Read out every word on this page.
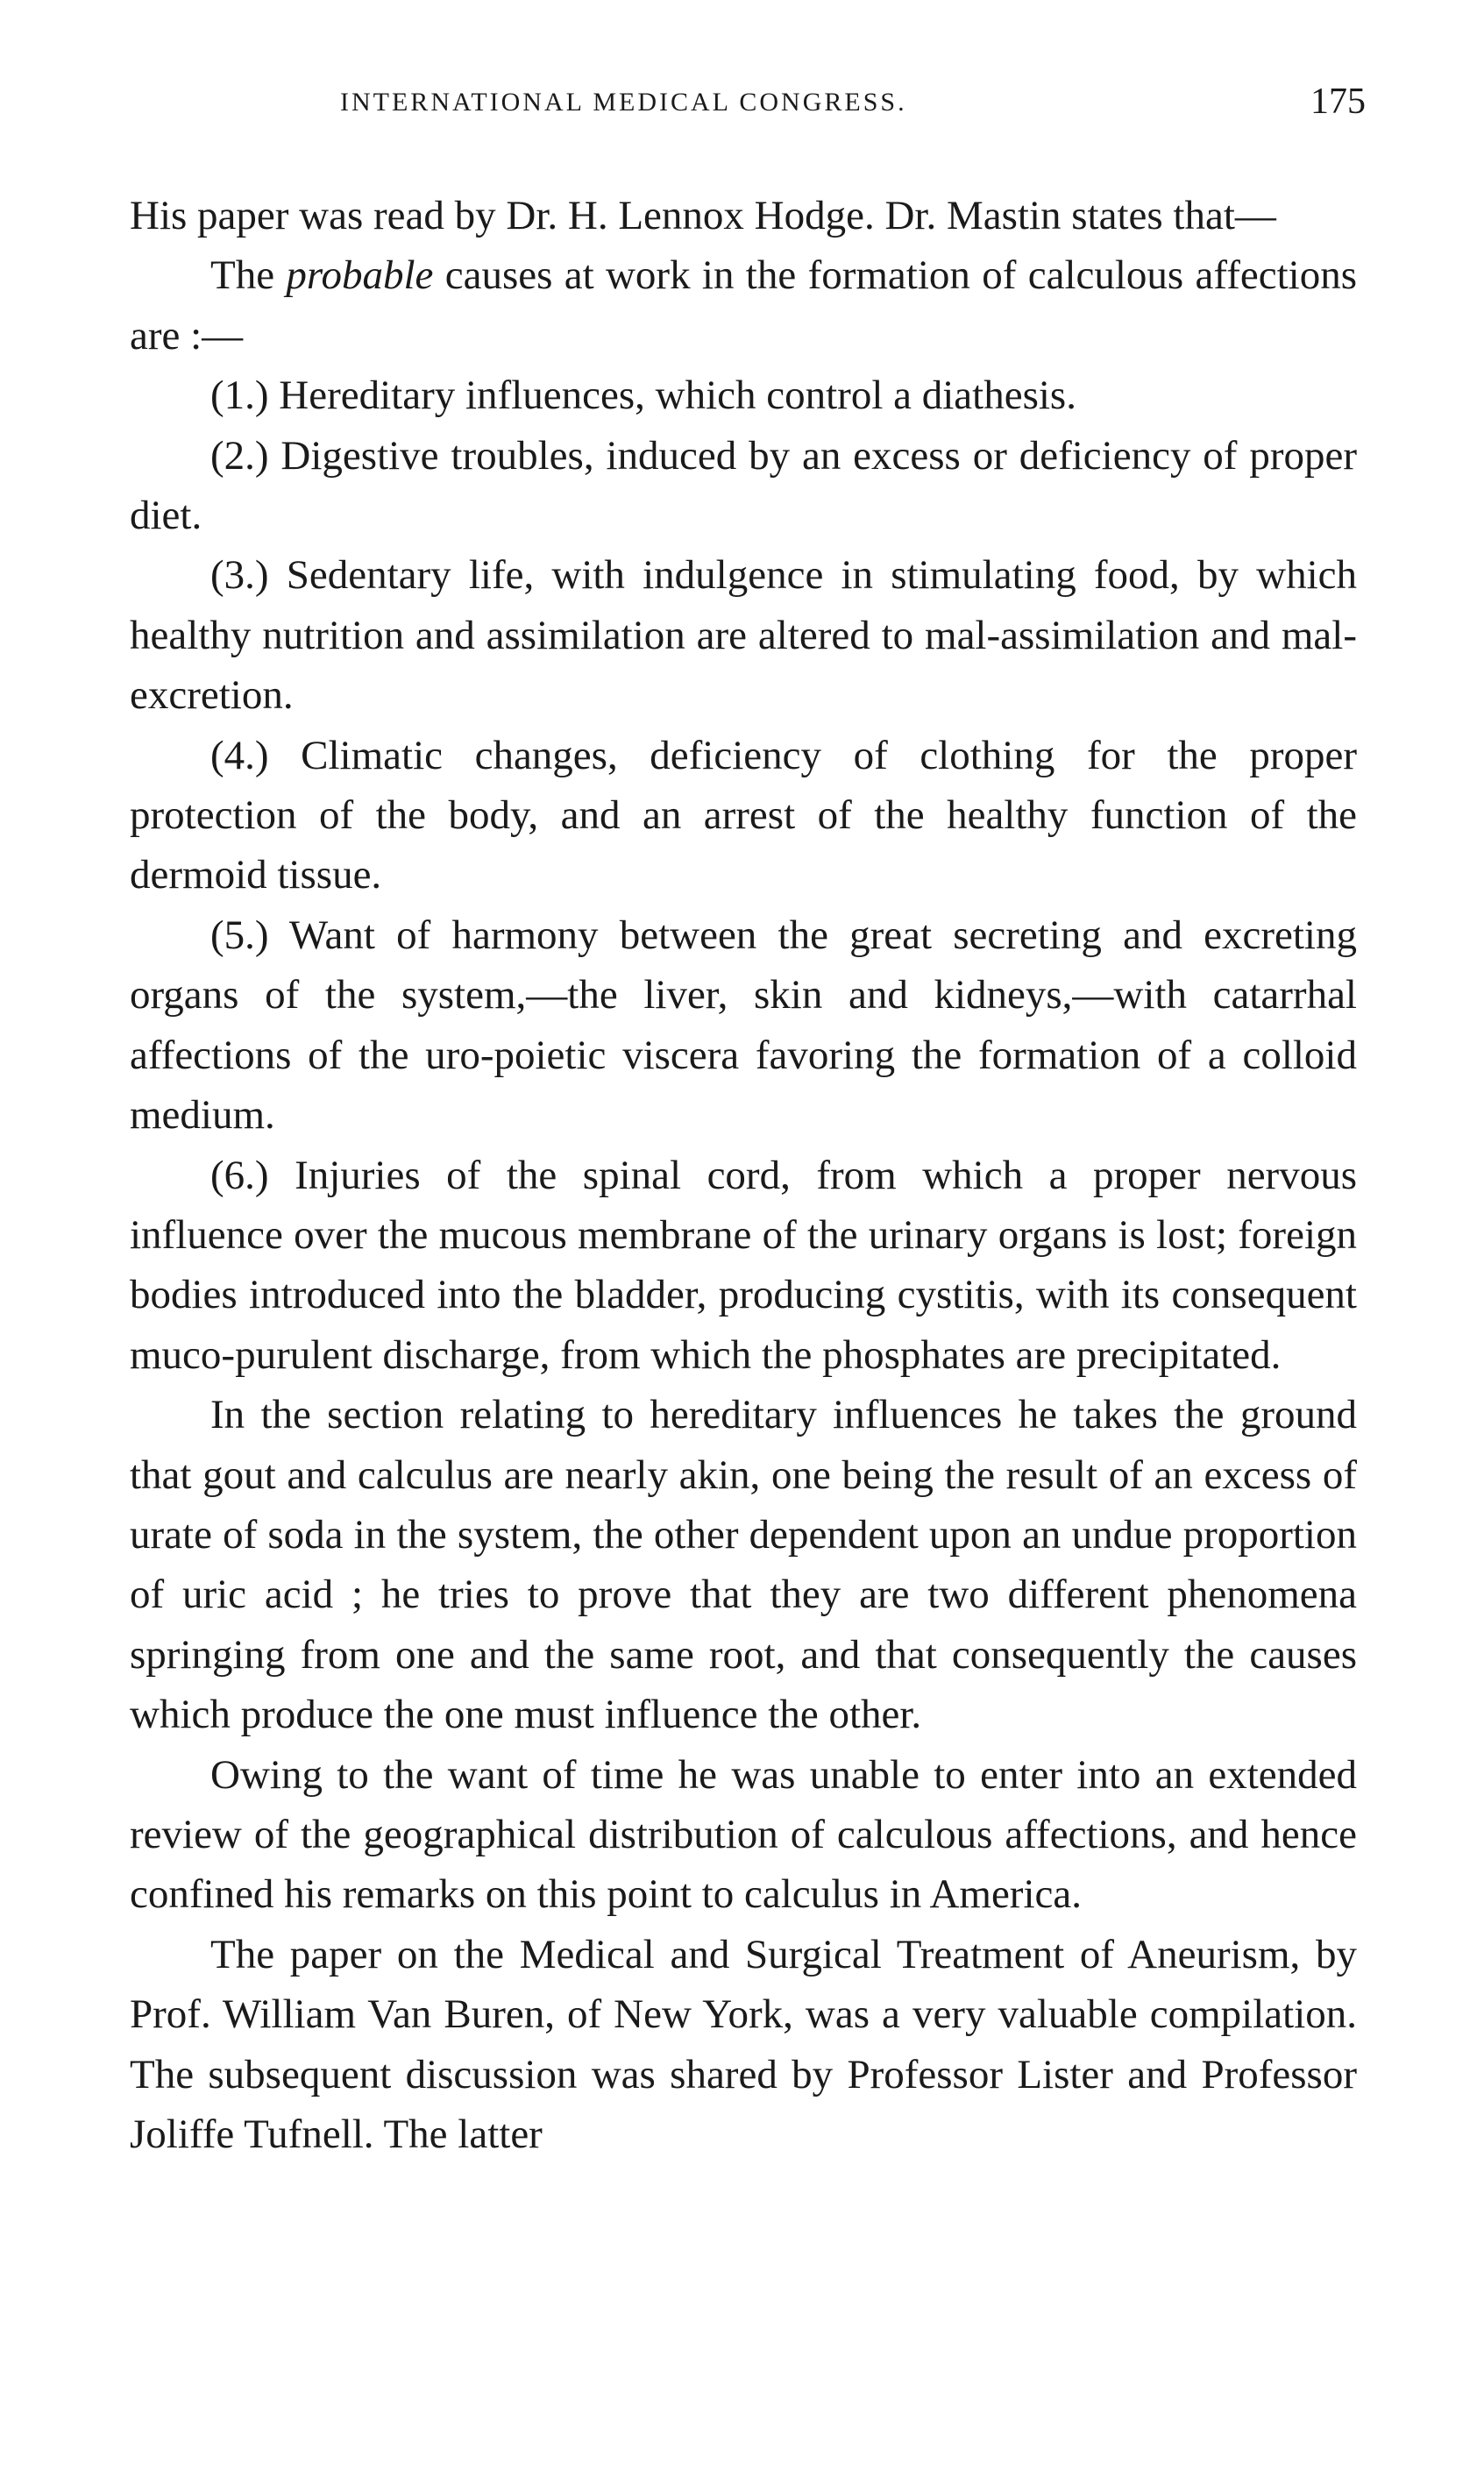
INTERNATIONAL MEDICAL CONGRESS.	175

His paper was read by Dr. H. Lennox Hodge. Dr. Mastin states that—

The probable causes at work in the formation of calculous affections are :—

(1.) Hereditary influences, which control a diathesis.

(2.) Digestive troubles, induced by an excess or deficiency of proper diet.

(3.) Sedentary life, with indulgence in stimulating food, by which healthy nutrition and assimilation are altered to mal-assimilation and mal-excretion.

(4.) Climatic changes, deficiency of clothing for the proper protection of the body, and an arrest of the healthy function of the dermoid tissue.

(5.) Want of harmony between the great secreting and excreting organs of the system,—the liver, skin and kidneys,—with catarrhal affections of the uro-poietic viscera favoring the formation of a colloid medium.

(6.) Injuries of the spinal cord, from which a proper nervous influence over the mucous membrane of the urinary organs is lost; foreign bodies introduced into the bladder, producing cystitis, with its consequent muco-purulent discharge, from which the phosphates are precipitated.

In the section relating to hereditary influences he takes the ground that gout and calculus are nearly akin, one being the result of an excess of urate of soda in the system, the other dependent upon an undue proportion of uric acid ; he tries to prove that they are two different phenomena springing from one and the same root, and that consequently the causes which produce the one must influence the other.

Owing to the want of time he was unable to enter into an extended review of the geographical distribution of calculous affections, and hence confined his remarks on this point to calculus in America.

The paper on the Medical and Surgical Treatment of Aneurism, by Prof. William Van Buren, of New York, was a very valuable compilation. The subsequent discussion was shared by Professor Lister and Professor Joliffe Tufnell. The latter
